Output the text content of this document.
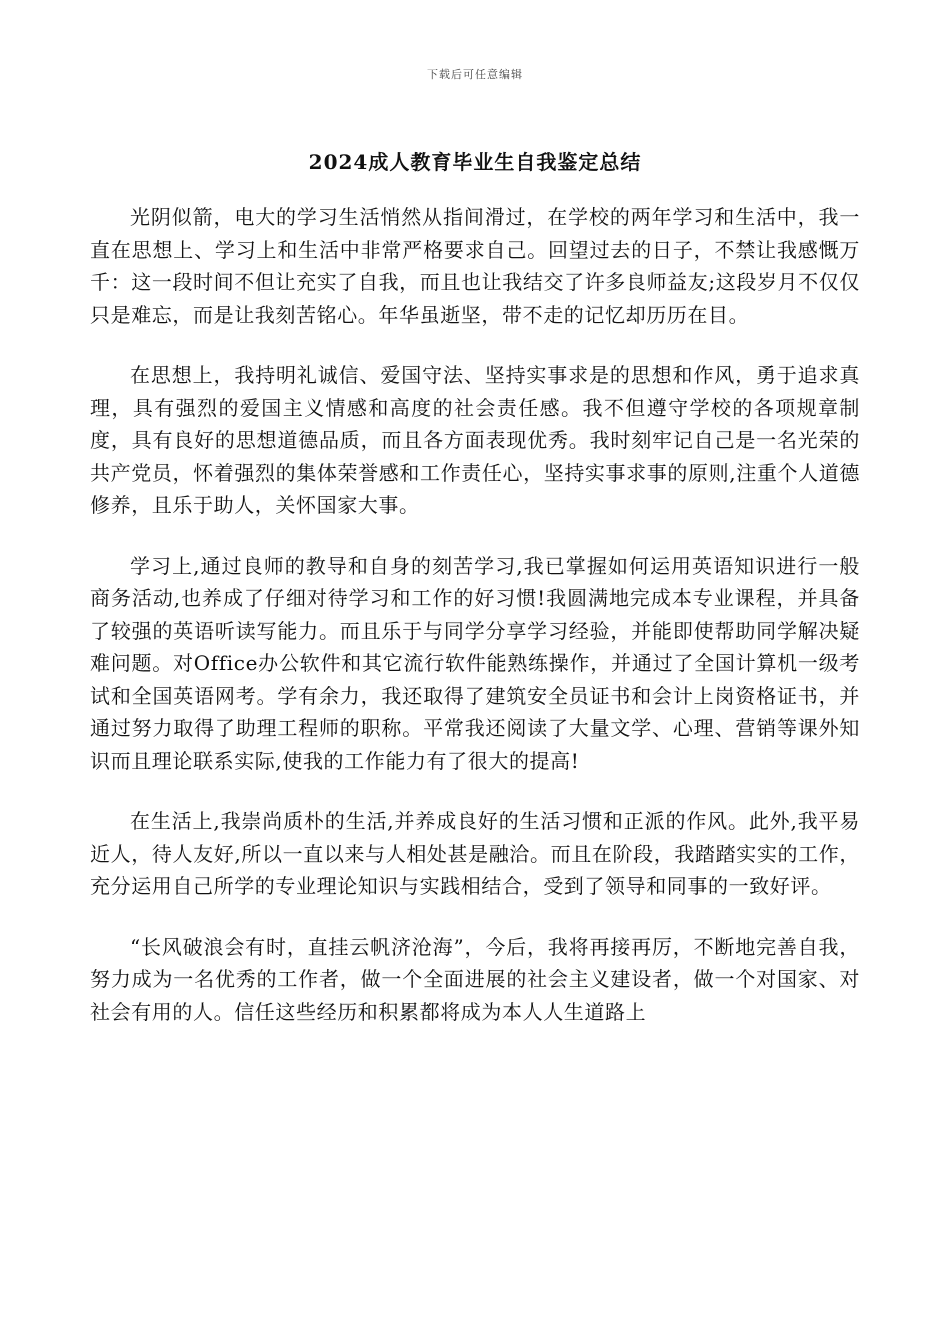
下载后可任意编辑
2024成人教育毕业生自我鉴定总结

光阴似箭，电大的学习生活悄然从指间滑过，在学校的两年学习和生活中，我一直在思想上、学习上和生活中非常严格要求自己。回望过去的日子，不禁让我感慨万千：这一段时间不但让充实了自我，而且也让我结交了许多良师益友;这段岁月不仅仅只是难忘，而是让我刻苦铭心。年华虽逝坚，带不走的记忆却历历在目。

在思想上，我持明礼诚信、爱国守法、坚持实事求是的思想和作风，勇于追求真理，具有强烈的爱国主义情感和高度的社会责任感。我不但遵守学校的各项规章制度，具有良好的思想道德品质，而且各方面表现优秀。我时刻牢记自己是一名光荣的共产党员，怀着强烈的集体荣誉感和工作责任心，坚持实事求事的原则,注重个人道德修养，且乐于助人，关怀国家大事。

学习上,通过良师的教导和自身的刻苦学习,我已掌握如何运用英语知识进行一般商务活动,也养成了仔细对待学习和工作的好习惯!我圆满地完成本专业课程，并具备了较强的英语听读写能力。而且乐于与同学分享学习经验，并能即使帮助同学解决疑难问题。对Office办公软件和其它流行软件能熟练操作，并通过了全国计算机一级考试和全国英语网考。学有余力，我还取得了建筑安全员证书和会计上岗资格证书，并通过努力取得了助理工程师的职称。平常我还阅读了大量文学、心理、营销等课外知识而且理论联系实际,使我的工作能力有了很大的提高!

在生活上,我崇尚质朴的生活,并养成良好的生活习惯和正派的作风。此外,我平易近人，待人友好,所以一直以来与人相处甚是融洽。而且在阶段，我踏踏实实的工作，充分运用自己所学的专业理论知识与实践相结合，受到了领导和同事的一致好评。

“长风破浪会有时，直挂云帆济沧海”，今后，我将再接再厉，不断地完善自我，努力成为一名优秀的工作者，做一个全面进展的社会主义建设者，做一个对国家、对社会有用的人。信任这些经历和积累都将成为本人人生道路上
